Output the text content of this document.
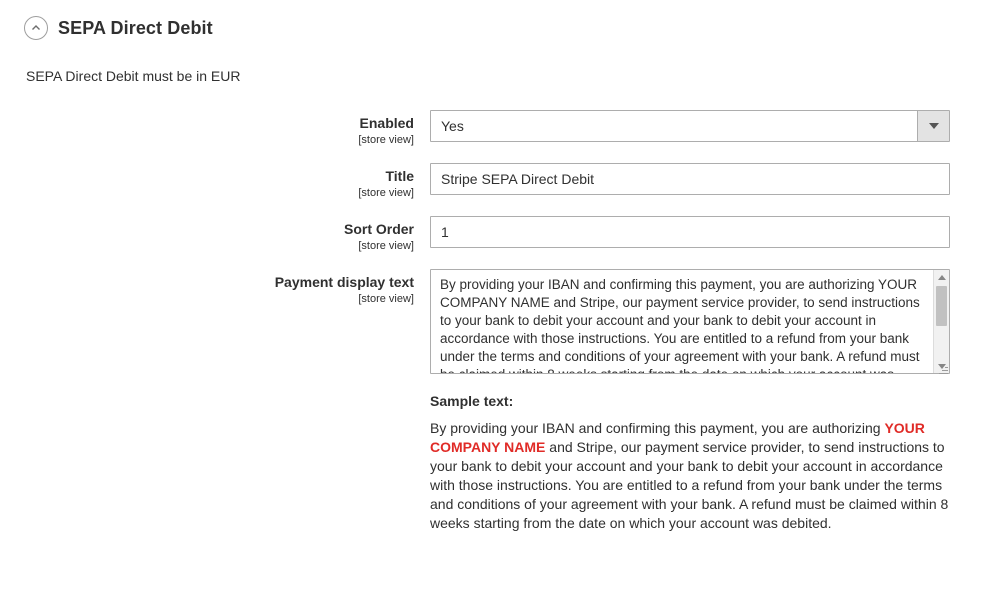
SEPA Direct Debit
SEPA Direct Debit must be in EUR
Enabled
[store view]
Yes
Title
[store view]
Stripe SEPA Direct Debit
Sort Order
[store view]
1
Payment display text
[store view]
By providing your IBAN and confirming this payment, you are authorizing YOUR COMPANY NAME and Stripe, our payment service provider, to send instructions to your bank to debit your account and your bank to debit your account in accordance with those instructions. You are entitled to a refund from your bank under the terms and conditions of your agreement with your bank. A refund must be claimed within 8 weeks starting from the date on which your account was debited.
Sample text:
By providing your IBAN and confirming this payment, you are authorizing YOUR COMPANY NAME and Stripe, our payment service provider, to send instructions to your bank to debit your account and your bank to debit your account in accordance with those instructions. You are entitled to a refund from your bank under the terms and conditions of your agreement with your bank. A refund must be claimed within 8 weeks starting from the date on which your account was debited.
